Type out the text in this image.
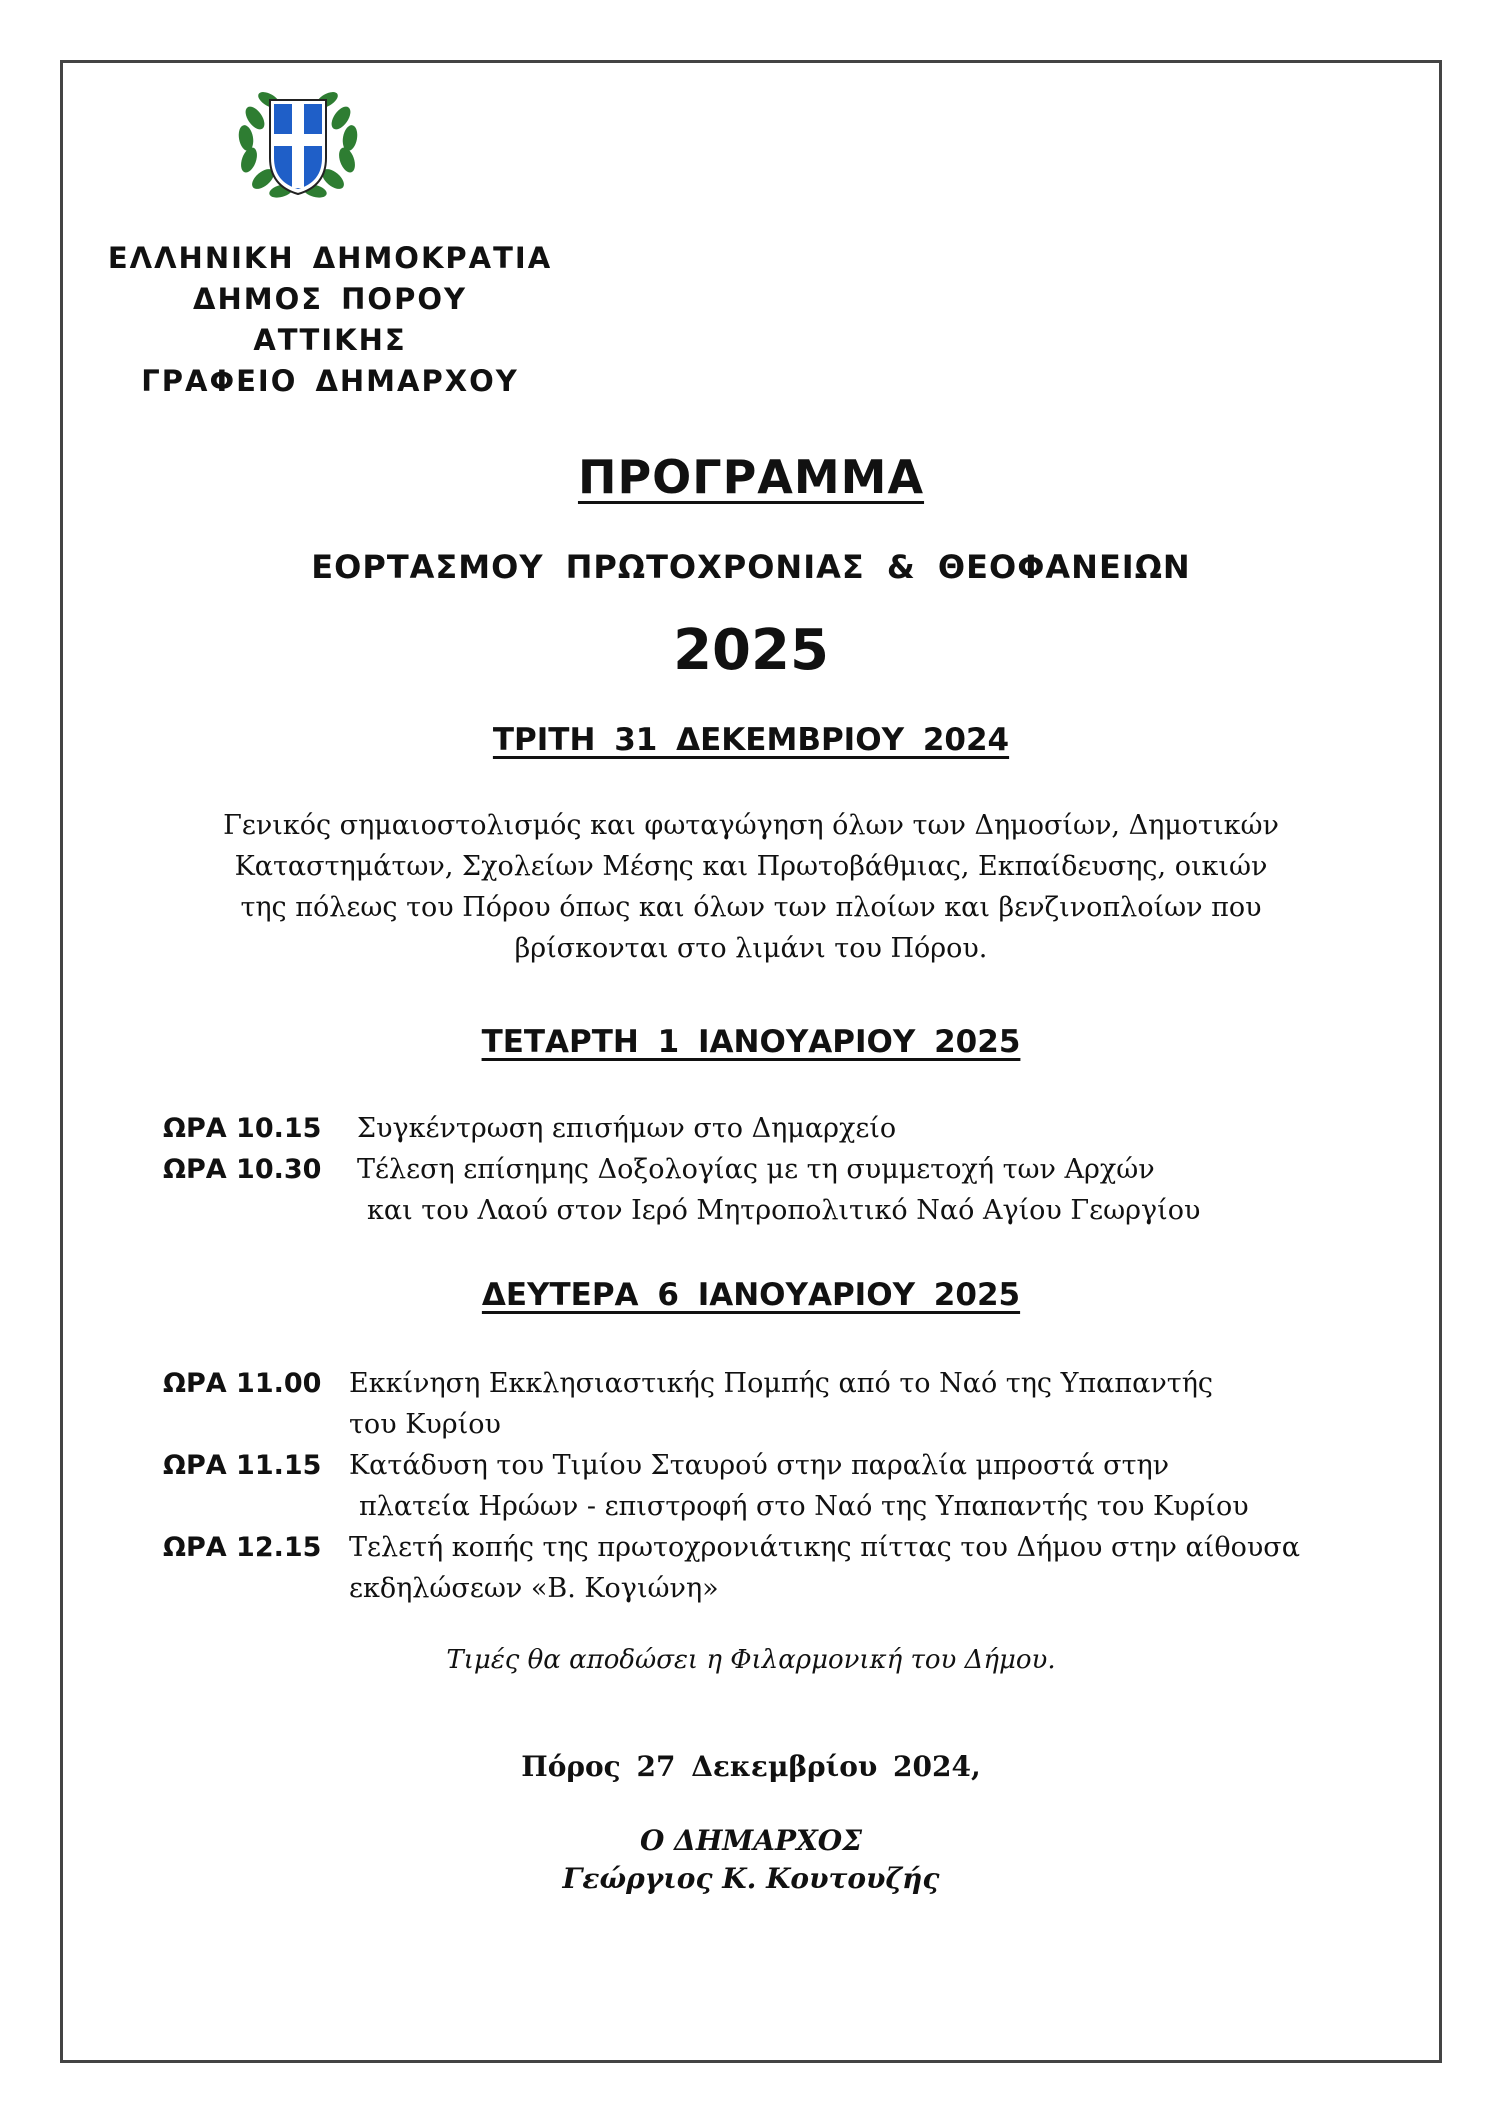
ΕΛΛΗΝΙΚΗ ΔΗΜΟΚΡΑΤΙΑ
ΔΗΜΟΣ ΠΟΡΟΥ
ΑΤΤΙΚΗΣ
ΓΡΑΦΕΙΟ ΔΗΜΑΡΧΟΥ
ΠΡΟΓΡΑΜΜΑ
ΕΟΡΤΑΣΜΟΥ ΠΡΩΤΟΧΡΟΝΙΑΣ & ΘΕΟΦΑΝΕΙΩΝ
2025
ΤΡΙΤΗ 31 ΔΕΚΕΜΒΡΙΟΥ 2024
Γενικός σημαιοστολισμός και φωταγώγηση όλων των Δημοσίων, Δημοτικών
Καταστημάτων, Σχολείων Μέσης και Πρωτοβάθμιας, Εκπαίδευσης, οικιών
της πόλεως του Πόρου όπως και όλων των πλοίων και βενζινοπλοίων που
βρίσκονται στο λιμάνι του Πόρου.
ΤΕΤΑΡΤΗ 1 ΙΑΝΟΥΑΡΙΟΥ 2025
ΩΡΑ 10.15 Συγκέντρωση επισήμων στο Δημαρχείο
ΩΡΑ 10.30 Τέλεση επίσημης Δοξολογίας με τη συμμετοχή των Αρχών
και του Λαού στον Ιερό Μητροπολιτικό Ναό Αγίου Γεωργίου
ΔΕΥΤΕΡΑ 6 ΙΑΝΟΥΑΡΙΟΥ 2025
ΩΡΑ 11.00 Εκκίνηση Εκκλησιαστικής Πομπής από το Ναό της Υπαπαντής
του Κυρίου
ΩΡΑ 11.15 Κατάδυση του Τιμίου Σταυρού στην παραλία μπροστά στην
πλατεία Ηρώων - επιστροφή στο Ναό της Υπαπαντής του Κυρίου
ΩΡΑ 12.15 Τελετή κοπής της πρωτοχρονιάτικης πίττας του Δήμου στην αίθουσα
εκδηλώσεων «Β. Κογιώνη»
Τιμές θα αποδώσει η Φιλαρμονική του Δήμου.
Πόρος 27 Δεκεμβρίου 2024,
Ο ΔΗΜΑΡΧΟΣ
Γεώργιος Κ. Κουτουζής
